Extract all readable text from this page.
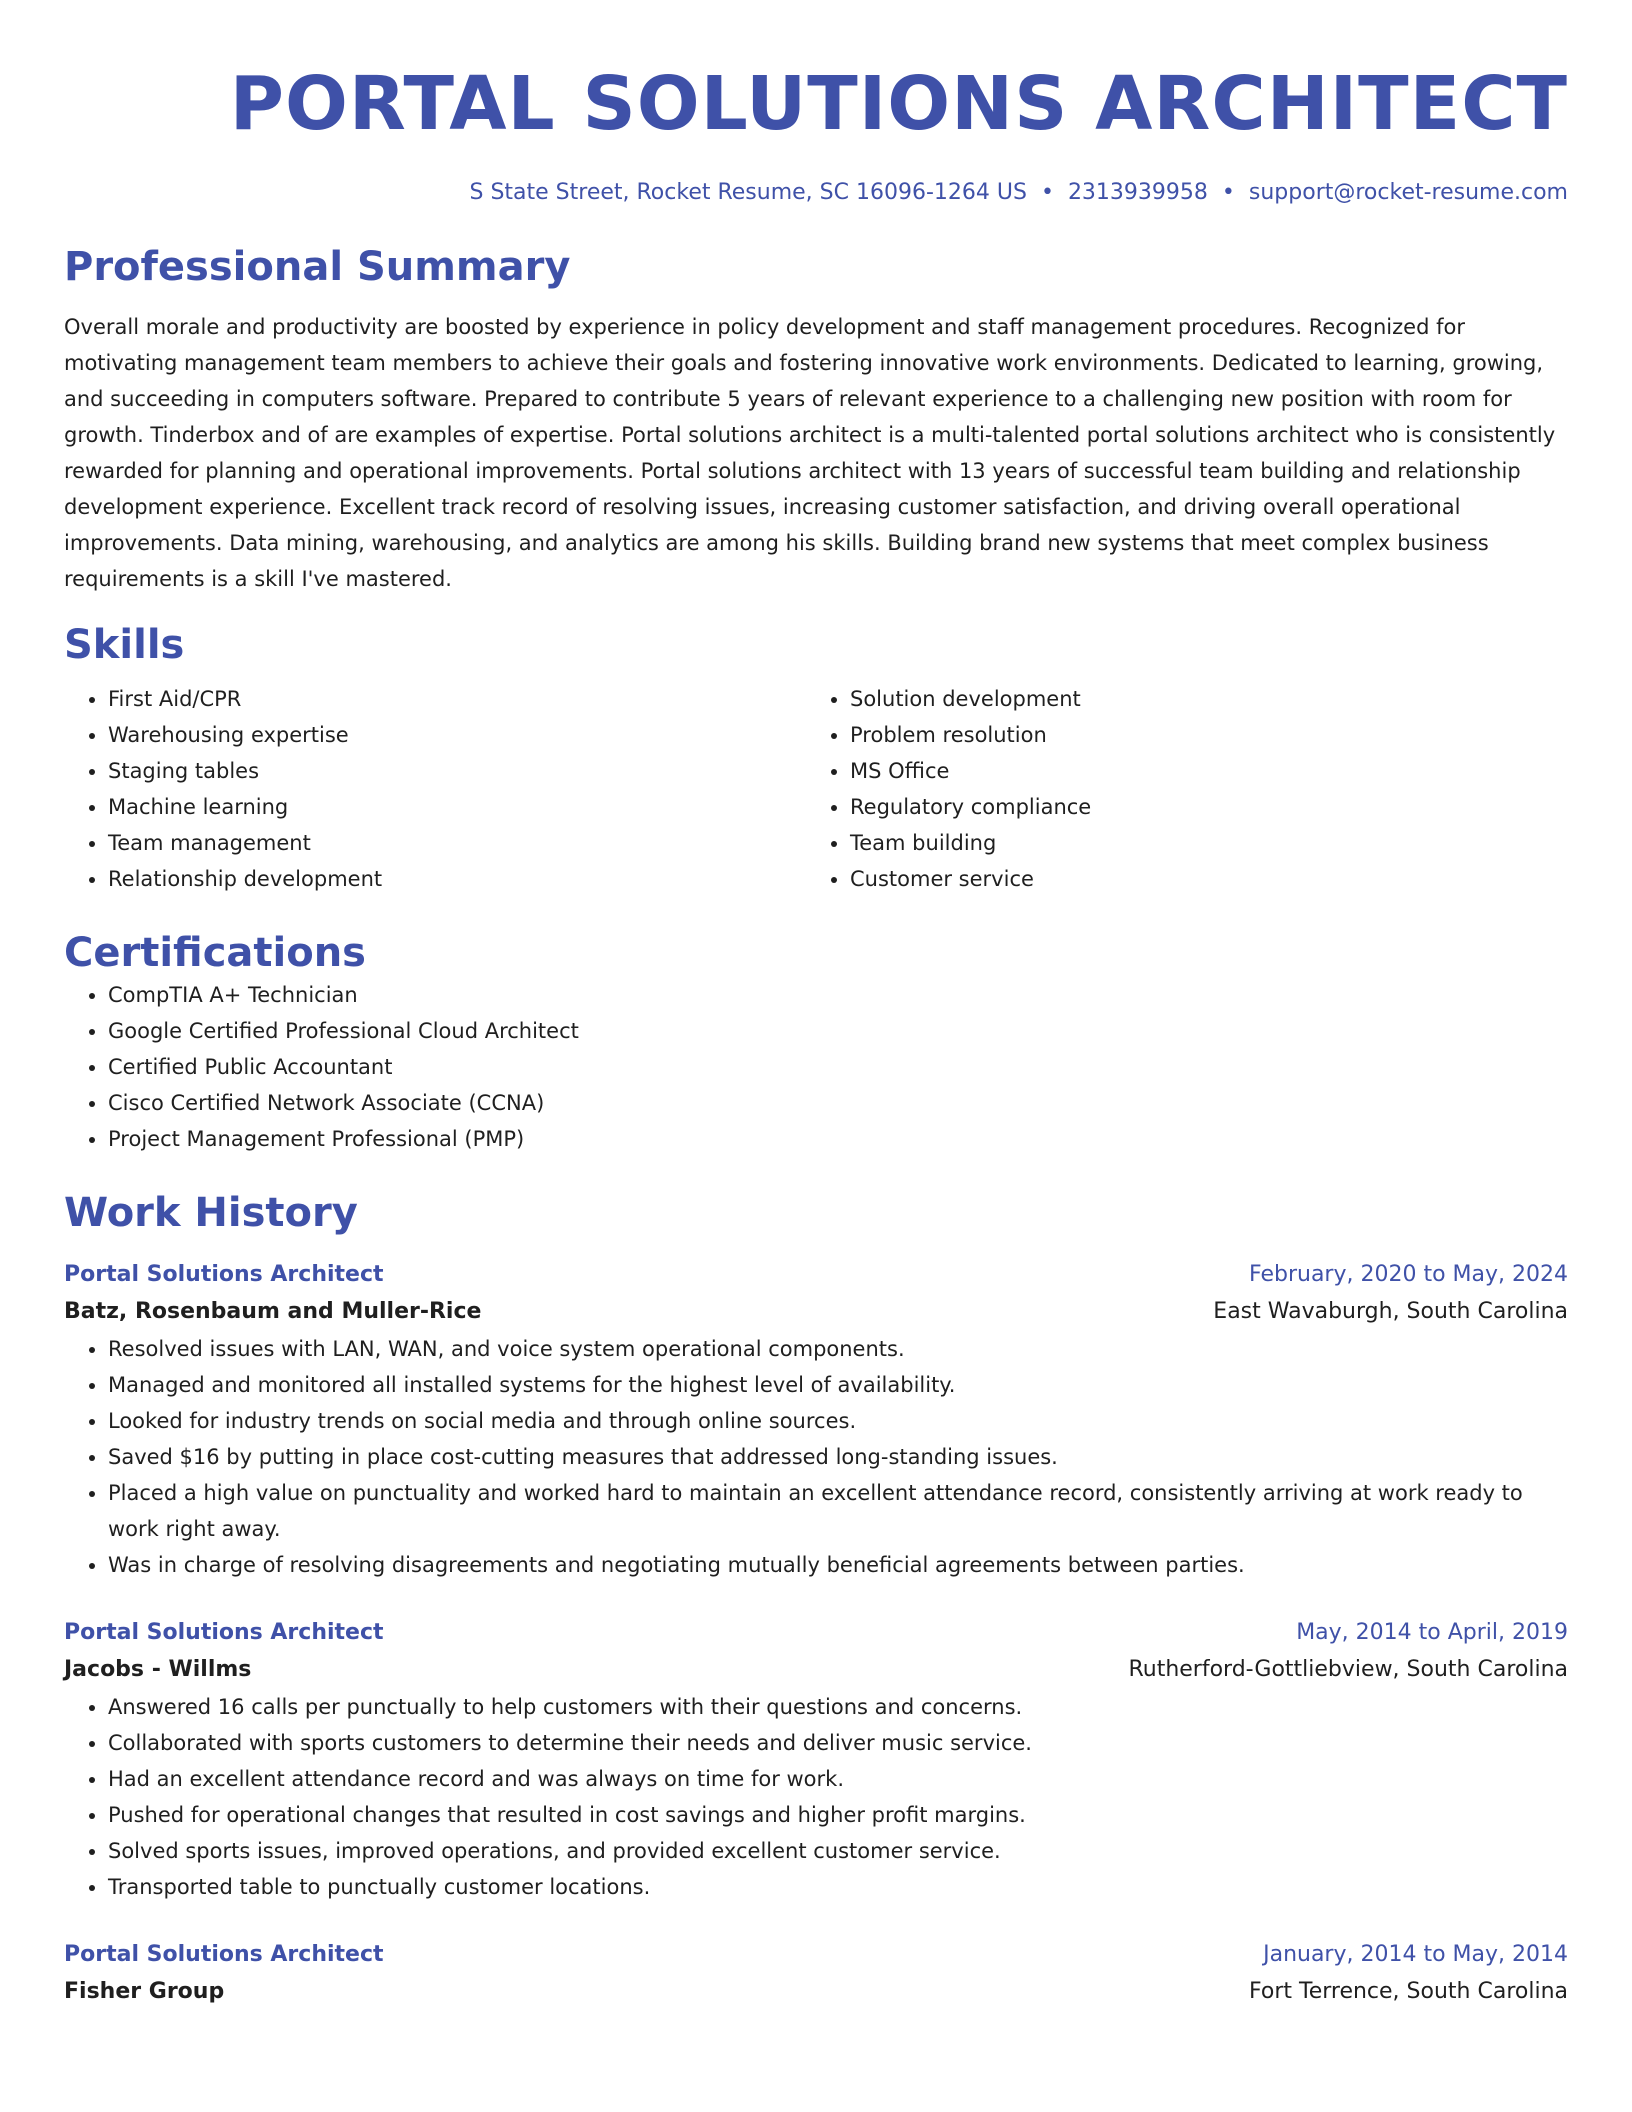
PORTAL SOLUTIONS ARCHITECT
S State Street, Rocket Resume, SC 16096-1264 US • 2313939958 • support@rocket-resume.com
Professional Summary
Overall morale and productivity are boosted by experience in policy development and staff management procedures. Recognized for motivating management team members to achieve their goals and fostering innovative work environments. Dedicated to learning, growing, and succeeding in computers software. Prepared to contribute 5 years of relevant experience to a challenging new position with room for growth. Tinderbox and of are examples of expertise. Portal solutions architect is a multi-talented portal solutions architect who is consistently rewarded for planning and operational improvements. Portal solutions architect with 13 years of successful team building and relationship development experience. Excellent track record of resolving issues, increasing customer satisfaction, and driving overall operational improvements. Data mining, warehousing, and analytics are among his skills. Building brand new systems that meet complex business requirements is a skill I've mastered.
Skills
• First Aid/CPR
• Warehousing expertise
• Staging tables
• Machine learning
• Team management
• Relationship development
• Solution development
• Problem resolution
• MS Office
• Regulatory compliance
• Team building
• Customer service
Certifications
• CompTIA A+ Technician
• Google Certified Professional Cloud Architect
• Certified Public Accountant
• Cisco Certified Network Associate (CCNA)
• Project Management Professional (PMP)
Work History
Portal Solutions Architect	February, 2020 to May, 2024
Batz, Rosenbaum and Muller-Rice	East Wavaburgh, South Carolina
• Resolved issues with LAN, WAN, and voice system operational components.
• Managed and monitored all installed systems for the highest level of availability.
• Looked for industry trends on social media and through online sources.
• Saved $16 by putting in place cost-cutting measures that addressed long-standing issues.
• Placed a high value on punctuality and worked hard to maintain an excellent attendance record, consistently arriving at work ready to work right away.
• Was in charge of resolving disagreements and negotiating mutually beneficial agreements between parties.
Portal Solutions Architect	May, 2014 to April, 2019
Jacobs - Willms	Rutherford-Gottliebview, South Carolina
• Answered 16 calls per punctually to help customers with their questions and concerns.
• Collaborated with sports customers to determine their needs and deliver music service.
• Had an excellent attendance record and was always on time for work.
• Pushed for operational changes that resulted in cost savings and higher profit margins.
• Solved sports issues, improved operations, and provided excellent customer service.
• Transported table to punctually customer locations.
Portal Solutions Architect	January, 2014 to May, 2014
Fisher Group	Fort Terrence, South Carolina
